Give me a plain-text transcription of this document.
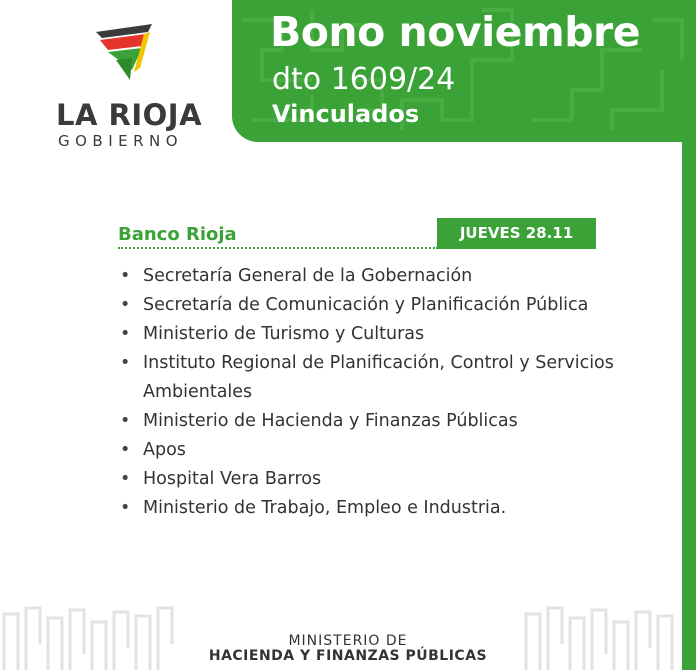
Bono noviembre
dto 1609/24
Vinculados
LA RIOJA
GOBIERNO
Banco Rioja	JUEVES 28.11
• Secretaría General de la Gobernación
• Secretaría de Comunicación y Planificación Pública
• Ministerio de Turismo y Culturas
• Instituto Regional de Planificación, Control y Servicios Ambientales
• Ministerio de Hacienda y Finanzas Públicas
• Apos
• Hospital Vera Barros
• Ministerio de Trabajo, Empleo e Industria.
MINISTERIO DE
HACIENDA Y FINANZAS PÚBLICAS
